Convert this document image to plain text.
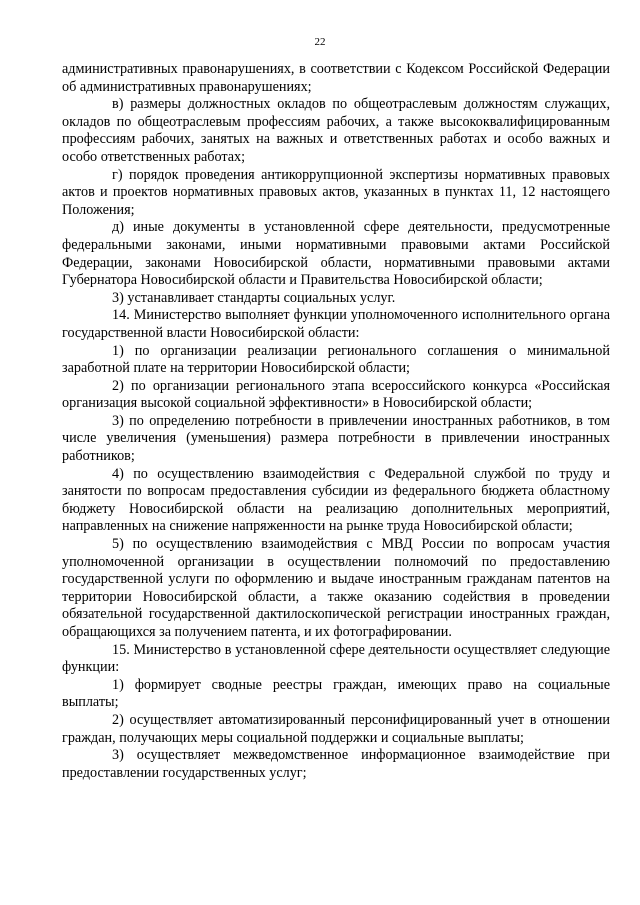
22

административных правонарушениях, в соответствии с Кодексом Российской Федерации об административных правонарушениях;

в) размеры должностных окладов по общеотраслевым должностям служащих, окладов по общеотраслевым профессиям рабочих, а также высококвалифицированным профессиям рабочих, занятых на важных и ответственных работах и особо важных и особо ответственных работах;

г) порядок проведения антикоррупционной экспертизы нормативных правовых актов и проектов нормативных правовых актов, указанных в пунктах 11, 12 настоящего Положения;

д) иные документы в установленной сфере деятельности, предусмотренные федеральными законами, иными нормативными правовыми актами Российской Федерации, законами Новосибирской области, нормативными правовыми актами Губернатора Новосибирской области и Правительства Новосибирской области;

3) устанавливает стандарты социальных услуг.

14. Министерство выполняет функции уполномоченного исполнительного органа государственной власти Новосибирской области:

1) по организации реализации регионального соглашения о минимальной заработной плате на территории Новосибирской области;

2) по организации регионального этапа всероссийского конкурса «Российская организация высокой социальной эффективности» в Новосибирской области;

3) по определению потребности в привлечении иностранных работников, в том числе увеличения (уменьшения) размера потребности в привлечении иностранных работников;

4) по осуществлению взаимодействия с Федеральной службой по труду и занятости по вопросам предоставления субсидии из федерального бюджета областному бюджету Новосибирской области на реализацию дополнительных мероприятий, направленных на снижение напряженности на рынке труда Новосибирской области;

5) по осуществлению взаимодействия с МВД России по вопросам участия уполномоченной организации в осуществлении полномочий по предоставлению государственной услуги по оформлению и выдаче иностранным гражданам патентов на территории Новосибирской области, а также оказанию содействия в проведении обязательной государственной дактилоскопической регистрации иностранных граждан, обращающихся за получением патента, и их фотографировании.

15. Министерство в установленной сфере деятельности осуществляет следующие функции:

1) формирует сводные реестры граждан, имеющих право на социальные выплаты;

2) осуществляет автоматизированный персонифицированный учет в отношении граждан, получающих меры социальной поддержки и социальные выплаты;

3) осуществляет межведомственное информационное взаимодействие при предоставлении государственных услуг;
